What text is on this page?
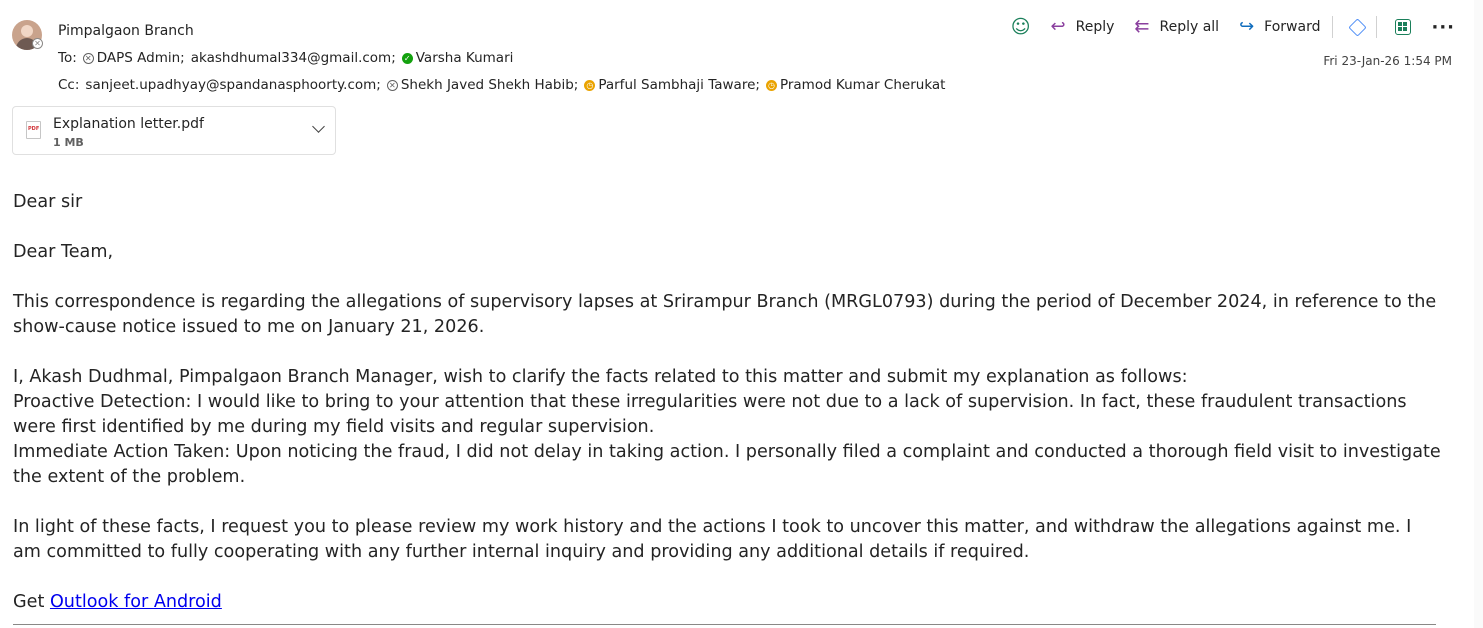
✕
Pimpalgaon Branch
To: ✕ DAPS Admin; akashdhumal334@gmail.com; ✓ Varsha Kumari
Cc: sanjeet.upadhyay@spandanasphoorty.com; ✕ Shekh Javed Shekh Habib; ◷ Parful Sambhaji Taware; ◷ Pramod Kumar Cherukat
☺ ↩ Reply ⇇ Reply all ↪ Forward	···
Fri 23-Jan-26 1:54 PM
PDF Explanation letter.pdf
1 MB

Dear sir

Dear Team,

This correspondence is regarding the allegations of supervisory lapses at Srirampur Branch (MRGL0793) during the period of December 2024, in reference to the show-cause notice issued to me on January 21, 2026.

I, Akash Dudhmal, Pimpalgaon Branch Manager, wish to clarify the facts related to this matter and submit my explanation as follows:

Proactive Detection: I would like to bring to your attention that these irregularities were not due to a lack of supervision. In fact, these fraudulent transactions were first identified by me during my field visits and regular supervision.

Immediate Action Taken: Upon noticing the fraud, I did not delay in taking action. I personally filed a complaint and conducted a thorough field visit to investigate the extent of the problem.

In light of these facts, I request you to please review my work history and the actions I took to uncover this matter, and withdraw the allegations against me. I am committed to fully cooperating with any further internal inquiry and providing any additional details if required.

Get Outlook for Android
